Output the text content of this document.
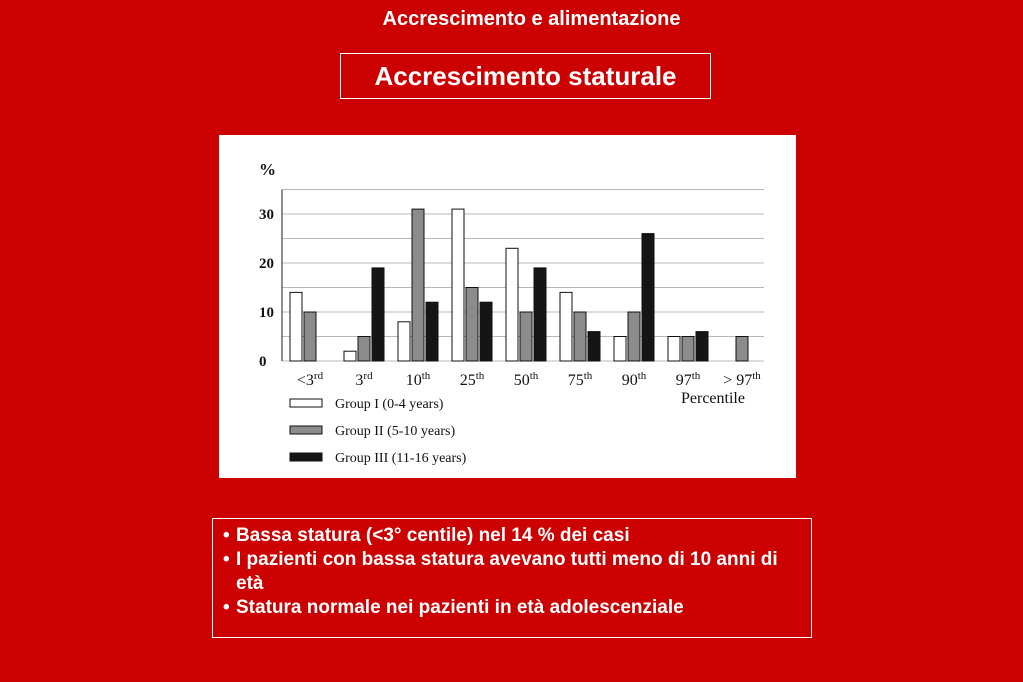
Accrescimento e alimentazione
Accrescimento staturale
%
0
10
20
30
<3rd 3rd 10th 25th 50th 75th 90th 97th > 97th
Percentile
Group I (0-4 years)
Group II (5-10 years)
Group III (11-16 years)
• Bassa statura (<3° centile) nel 14 % dei casi
• I pazienti con bassa statura avevano tutti meno di 10 anni di età
• Statura normale nei pazienti in età adolescenziale
